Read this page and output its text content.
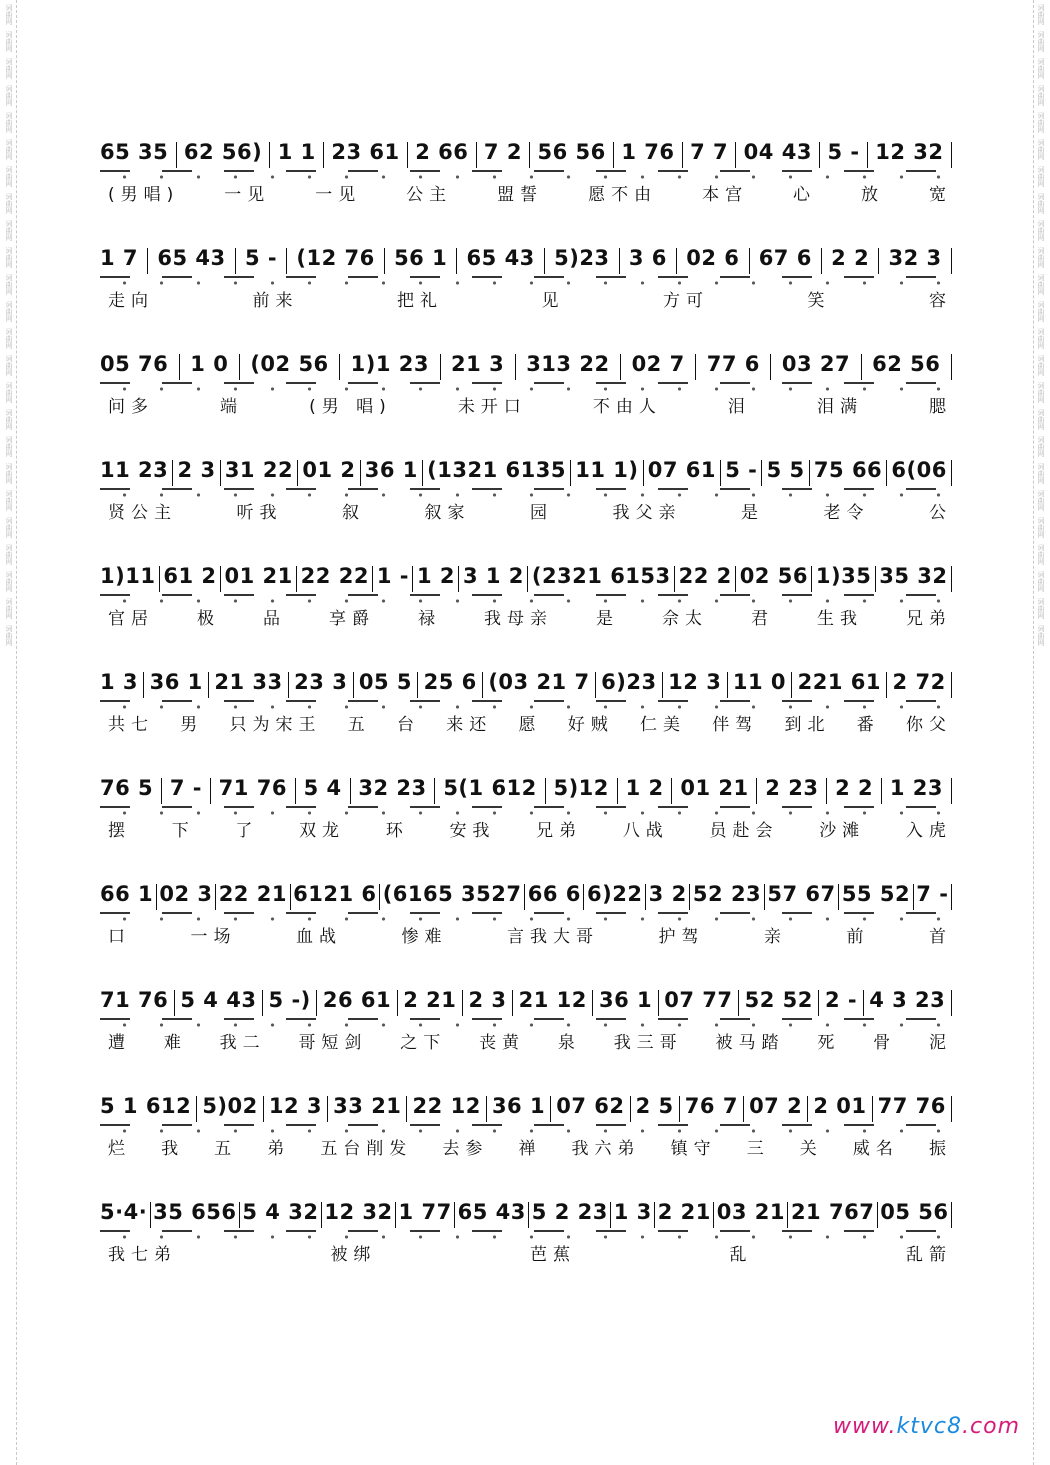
词曲网
词曲网
词曲网
词曲网
词曲网
词曲网
词曲网
词曲网
词曲网
词曲网
词曲网
词曲网
词曲网
词曲网
词曲网
词曲网
词曲网
词曲网
词曲网
词曲网
词曲网
词曲网
词曲网
词曲网
词曲网
词曲网
词曲网
词曲网
词曲网
词曲网
词曲网
词曲网
词曲网
词曲网
词曲网
词曲网
词曲网
词曲网
词曲网
词曲网
词曲网
词曲网
词曲网
词曲网
词曲网
词曲网
词曲网
词曲网
65 35 62 56) 1 1 23 61 2 66 7 2 56 56 1 76 7 7 04 43 5 - 12 32
(男唱)	一见	一见	公主	盟誓	愿不由	本宫	心	放	宽
1 7 65 43 5 - (12 76 56 1 65 43 5)23 3 6 02 6 67 6 2 2 32 3
走向	前来	把礼	见	方可	笑	容
05 76 1 0 (02 56 1)1 23 21 3 313 22 02 7 77 6 03 27 62 56
问多	端	(男 唱)	未开口	不由人	泪	泪满	腮
11 23 2 3 31 22 01 2 36 1 (1321 6135 11 1) 07 61 5 - 5 5 75 66 6(06
贤公主	听我	叙	叙家	园	我父亲	是	老令	公
1)11 61 2 01 21 22 22 1 - 1 2 3 1 2 (2321 6153 22 2 02 56 1)35 35 32
官居	极	品	享爵	禄	我母亲	是	佘太	君	生我	兄弟
1 3 36 1 21 33 23 3 05 5 25 6 (03 21 7 6)23 12 3 11 0 221 61 2 72
共七 男 只为宋王 五 台 来还 愿 好贼 仁美 伴驾 到北 番 你父
76 5 7 - 71 76 5 4 32 23 5(1 612 5)12 1 2 01 21 2 23 2 2 1 23
摆 下 了 双龙 环 安我 兄弟 八战 员赴会 沙滩 入虎
66 1 02 3 22 21 6121 6 (6165 3527 66 6 6)22 3 2 52 23 57 67 55 52 7 -
口	一场	血战	惨难	言我大哥	护驾	亲	前	首
71 76 5 4 43 5 -) 26 61 2 21 2 3 21 12 36 1 07 77 52 52 2 - 4 3 23
遭 难 我二 哥短剑 之下 丧黄 泉 我三哥 被马踏 死 骨 泥
5 1 612 5)02 12 3 33 21 22 12 36 1 07 62 2 5 76 7 07 2 2 01 77 76
烂 我 五 弟 五台削发 去参 禅 我六弟 镇守 三 关 威名 振
5·4· 35 656 5 4 32 12 32 1 77 65 43 5 2 23 1 3 2 21 03 21 21 767 05 56
我七弟	被绑	芭蕉	乱	乱箭
www.ktvc8.com
